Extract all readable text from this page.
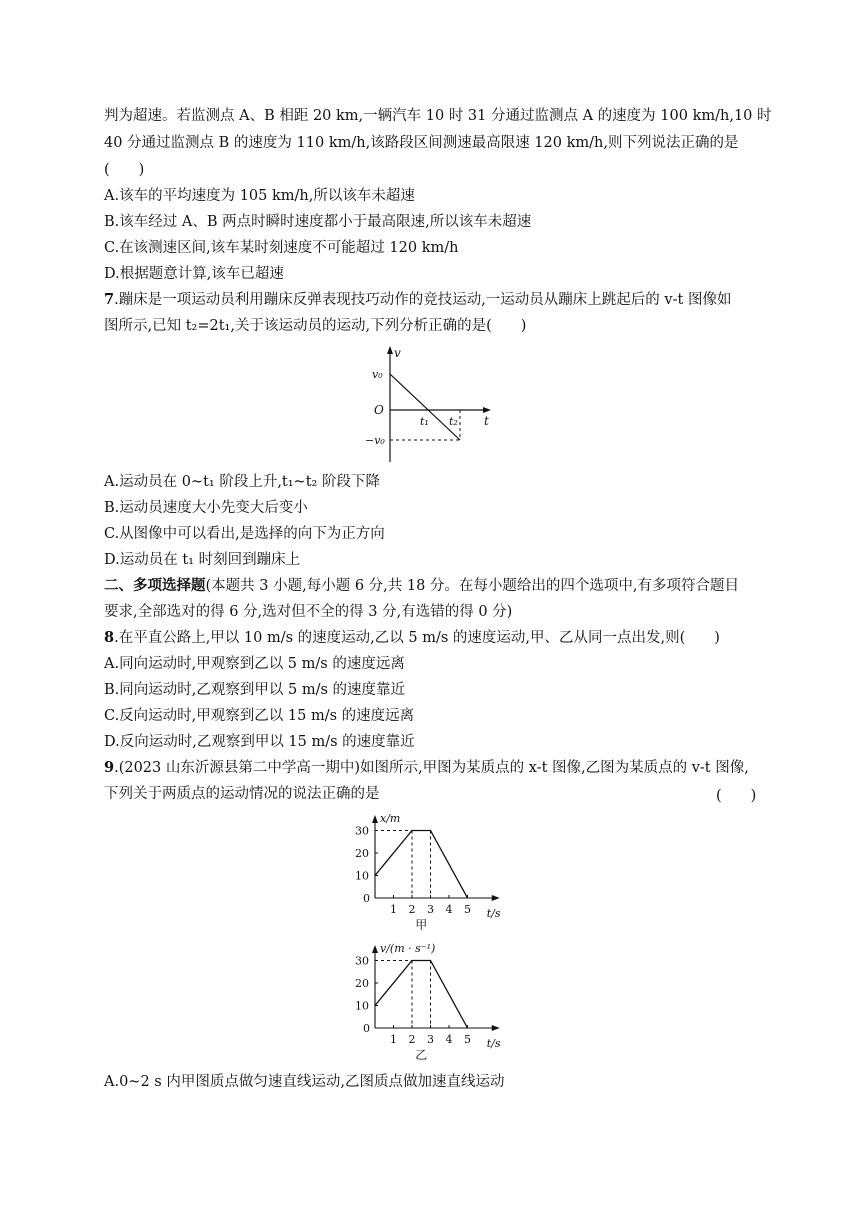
判为超速。若监测点 A、B 相距 20 km,一辆汽车 10 时 31 分通过监测点 A 的速度为 100 km/h,10 时
40 分通过监测点 B 的速度为 110 km/h,该路段区间测速最高限速 120 km/h,则下列说法正确的是
(　　)
A.该车的平均速度为 105 km/h,所以该车未超速
B.该车经过 A、B 两点时瞬时速度都小于最高限速,所以该车未超速
C.在该测速区间,该车某时刻速度不可能超过 120 km/h
D.根据题意计算,该车已超速
7.蹦床是一项运动员利用蹦床反弹表现技巧动作的竞技运动,一运动员从蹦床上跳起后的 v-t 图像如
图所示,已知 t₂=2t₁,关于该运动员的运动,下列分析正确的是(　　)
v
v₀
O
t₁ t₂ t
−v₀
A.运动员在 0~t₁ 阶段上升,t₁~t₂ 阶段下降
B.运动员速度大小先变大后变小
C.从图像中可以看出,是选择的向下为正方向
D.运动员在 t₁ 时刻回到蹦床上
二、多项选择题(本题共 3 小题,每小题 6 分,共 18 分。在每小题给出的四个选项中,有多项符合题目
要求,全部选对的得 6 分,选对但不全的得 3 分,有选错的得 0 分)
8.在平直公路上,甲以 10 m/s 的速度运动,乙以 5 m/s 的速度运动,甲、乙从同一点出发,则(　　)
A.同向运动时,甲观察到乙以 5 m/s 的速度远离
B.同向运动时,乙观察到甲以 5 m/s 的速度靠近
C.反向运动时,甲观察到乙以 15 m/s 的速度远离
D.反向运动时,乙观察到甲以 15 m/s 的速度靠近
9.(2023 山东沂源县第二中学高一期中)如图所示,甲图为某质点的 x-t 图像,乙图为某质点的 v-t 图像,
下列关于两质点的运动情况的说法正确的是	(　　)
x/m
t/s
0
1 2 3 4 5
10
20
30
甲
v/(m · s⁻¹)
t/s
0
1 2 3 4 5
10
20
30
乙
A.0~2 s 内甲图质点做匀速直线运动,乙图质点做加速直线运动
